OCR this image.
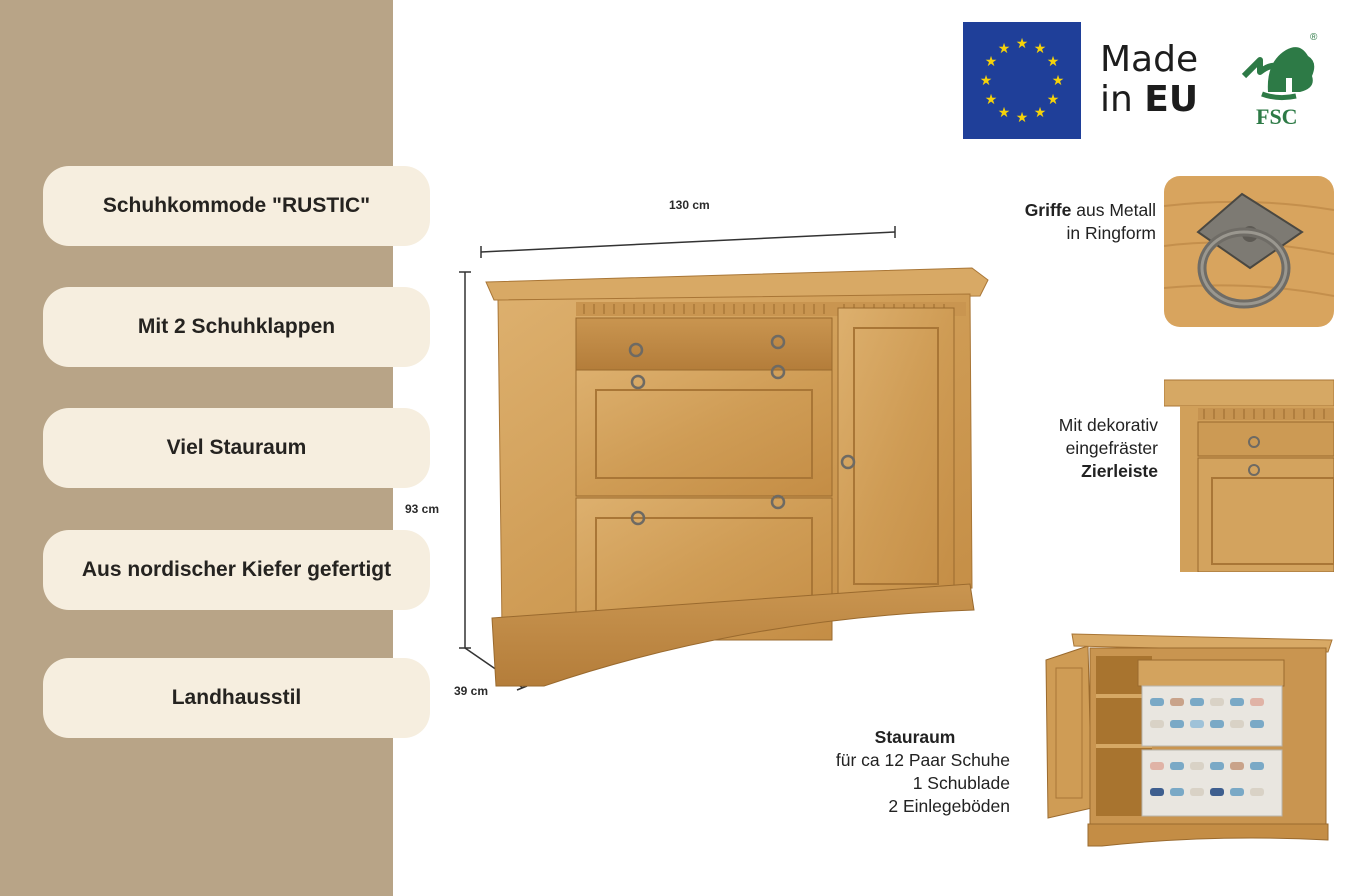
Schuhkommode "RUSTIC"
Mit 2 Schuhklappen
Viel Stauraum
Aus nordischer Kiefer gefertigt
Landhausstil
★ ★
★
★
★
★
★
★
★
★
★
★ Made
in EU	FSC
®
130 cm
93 cm
39 cm
Griffe aus Metall
in Ringform
Mit dekorativ
eingefräster
Zierleiste
Stauraum
für ca 12 Paar Schuhe
1 Schublade
2 Einlegeböden
